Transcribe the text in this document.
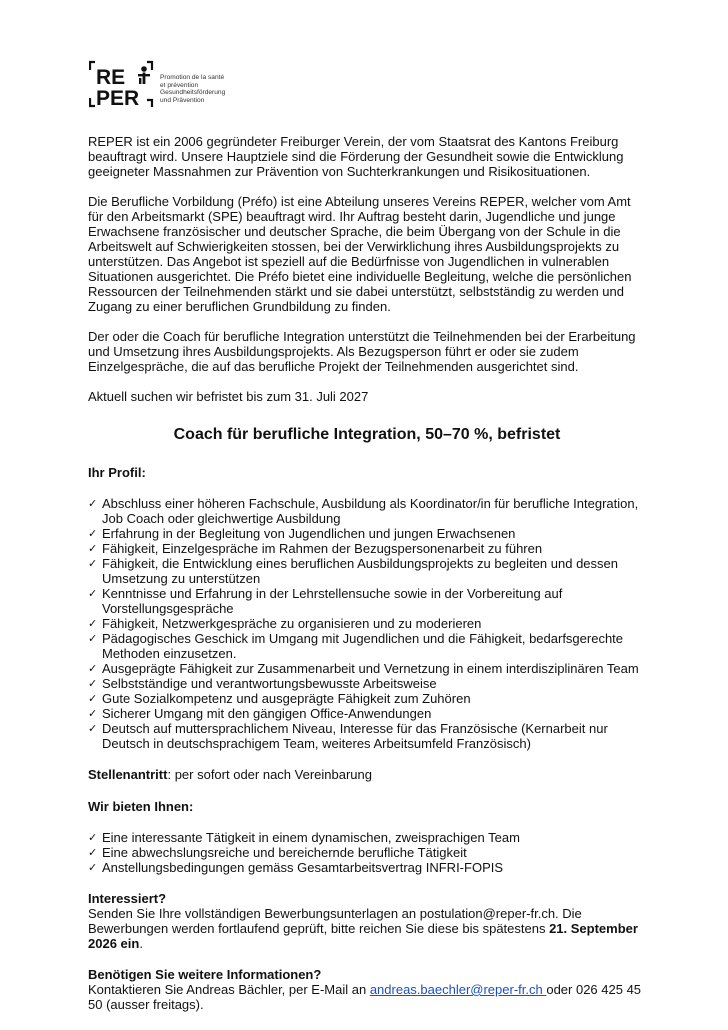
RE
PER
Promotion de la santé
et prévention
Gesundheitsförderung
und Prävention

REPER ist ein 2006 gegründeter Freiburger Verein, der vom Staatsrat des Kantons Freiburg beauftragt wird. Unsere Hauptziele sind die Förderung der Gesundheit sowie die Entwicklung geeigneter Massnahmen zur Prävention von Suchterkrankungen und Risikosituationen.

Die Berufliche Vorbildung (Préfo) ist eine Abteilung unseres Vereins REPER, welcher vom Amt für den Arbeitsmarkt (SPE) beauftragt wird. Ihr Auftrag besteht darin, Jugendliche und junge Erwachsene französischer und deutscher Sprache, die beim Übergang von der Schule in die Arbeitswelt auf Schwierigkeiten stossen, bei der Verwirklichung ihres Ausbildungsprojekts zu unterstützen. Das Angebot ist speziell auf die Bedürfnisse von Jugendlichen in vulnerablen Situationen ausgerichtet. Die Préfo bietet eine individuelle Begleitung, welche die persönlichen Ressourcen der Teilnehmenden stärkt und sie dabei unterstützt, selbstständig zu werden und Zugang zu einer beruflichen Grundbildung zu finden.

Der oder die Coach für berufliche Integration unterstützt die Teilnehmenden bei der Erarbeitung und Umsetzung ihres Ausbildungsprojekts. Als Bezugsperson führt er oder sie zudem Einzelgespräche, die auf das berufliche Projekt der Teilnehmenden ausgerichtet sind.

Aktuell suchen wir befristet bis zum 31. Juli 2027

Coach für berufliche Integration, 50–70 %, befristet

Ihr Profil:

✓ Abschluss einer höheren Fachschule, Ausbildung als Koordinator/in für berufliche Integration, Job Coach oder gleichwertige Ausbildung
✓ Erfahrung in der Begleitung von Jugendlichen und jungen Erwachsenen
✓ Fähigkeit, Einzelgespräche im Rahmen der Bezugspersonenarbeit zu führen
✓ Fähigkeit, die Entwicklung eines beruflichen Ausbildungsprojekts zu begleiten und dessen Umsetzung zu unterstützen
✓ Kenntnisse und Erfahrung in der Lehrstellensuche sowie in der Vorbereitung auf Vorstellungsgespräche
✓ Fähigkeit, Netzwerkgespräche zu organisieren und zu moderieren
✓ Pädagogisches Geschick im Umgang mit Jugendlichen und die Fähigkeit, bedarfsgerechte Methoden einzusetzen.
✓ Ausgeprägte Fähigkeit zur Zusammenarbeit und Vernetzung in einem interdisziplinären Team
✓ Selbstständige und verantwortungsbewusste Arbeitsweise
✓ Gute Sozialkompetenz und ausgeprägte Fähigkeit zum Zuhören
✓ Sicherer Umgang mit den gängigen Office-Anwendungen
✓ Deutsch auf muttersprachlichem Niveau, Interesse für das Französische (Kernarbeit nur Deutsch in deutschsprachigem Team, weiteres Arbeitsumfeld Französisch)

Stellenantritt: per sofort oder nach Vereinbarung

Wir bieten Ihnen:

✓ Eine interessante Tätigkeit in einem dynamischen, zweisprachigen Team
✓ Eine abwechslungsreiche und bereichernde berufliche Tätigkeit
✓ Anstellungsbedingungen gemäss Gesamtarbeitsvertrag INFRI-FOPIS

Interessiert?

Senden Sie Ihre vollständigen Bewerbungsunterlagen an postulation@reper-fr.ch. Die Bewerbungen werden fortlaufend geprüft, bitte reichen Sie diese bis spätestens 21. September 2026 ein.

Benötigen Sie weitere Informationen?

Kontaktieren Sie Andreas Bächler, per E-Mail an andreas.baechler@reper-fr.ch oder 026 425 45 50 (ausser freitags).
